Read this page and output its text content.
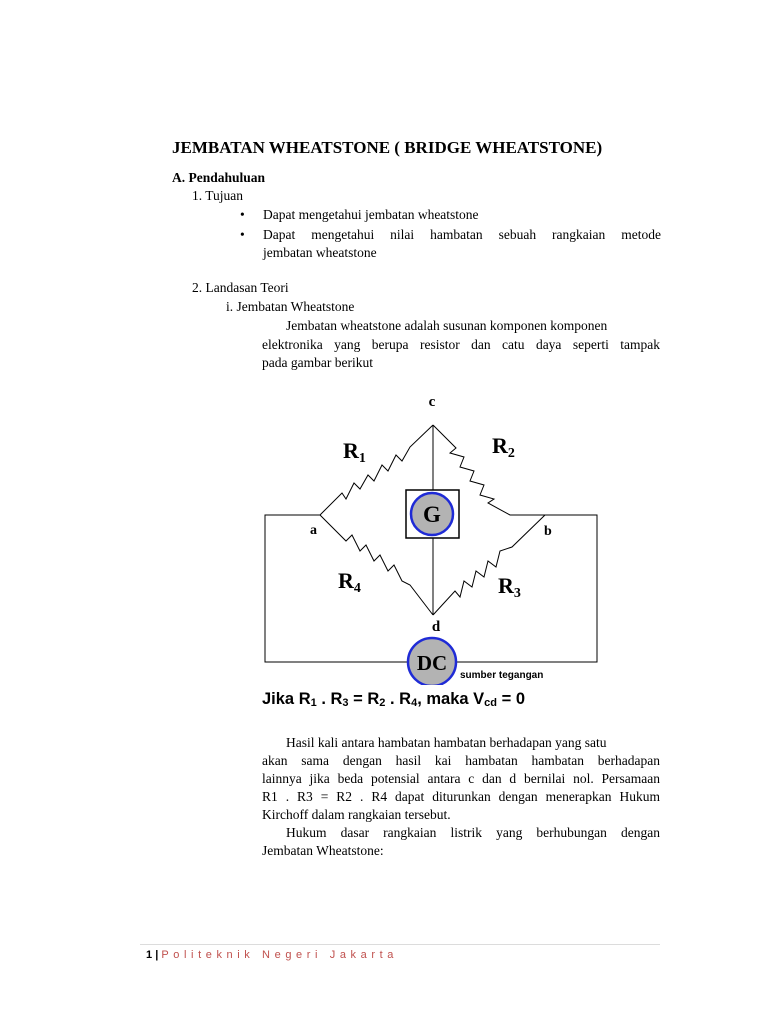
JEMBATAN WHEATSTONE ( BRIDGE WHEATSTONE)
A. Pendahuluan
1. Tujuan
• Dapat mengetahui jembatan wheatstone
• Dapat mengetahui nilai hambatan sebuah rangkaian metode
jembatan wheatstone
2. Landasan Teori
i. Jembatan Wheatstone
Jembatan wheatstone adalah susunan komponen komponen
elektronika yang berupa resistor dan catu daya seperti tampak
pada gambar berikut
G
DC
sumber tegangan
c
d
a	b
R1
R2
R3
R4
Jika $R_1$ . $R_3 = R_2$ . $R_4$, maka $V_{cd} = 0$
Hasil kali antara hambatan hambatan berhadapan yang satu
akan sama dengan hasil kai hambatan hambatan berhadapan
lainnya jika beda potensial antara c dan d bernilai nol. Persamaan
R1 . R3 = R2 . R4 dapat diturunkan dengan menerapkan Hukum
Kirchoff dalam rangkaian tersebut.
Hukum dasar rangkaian listrik yang berhubungan dengan
Jembatan Wheatstone:
1 | Politeknik Negeri Jakarta
